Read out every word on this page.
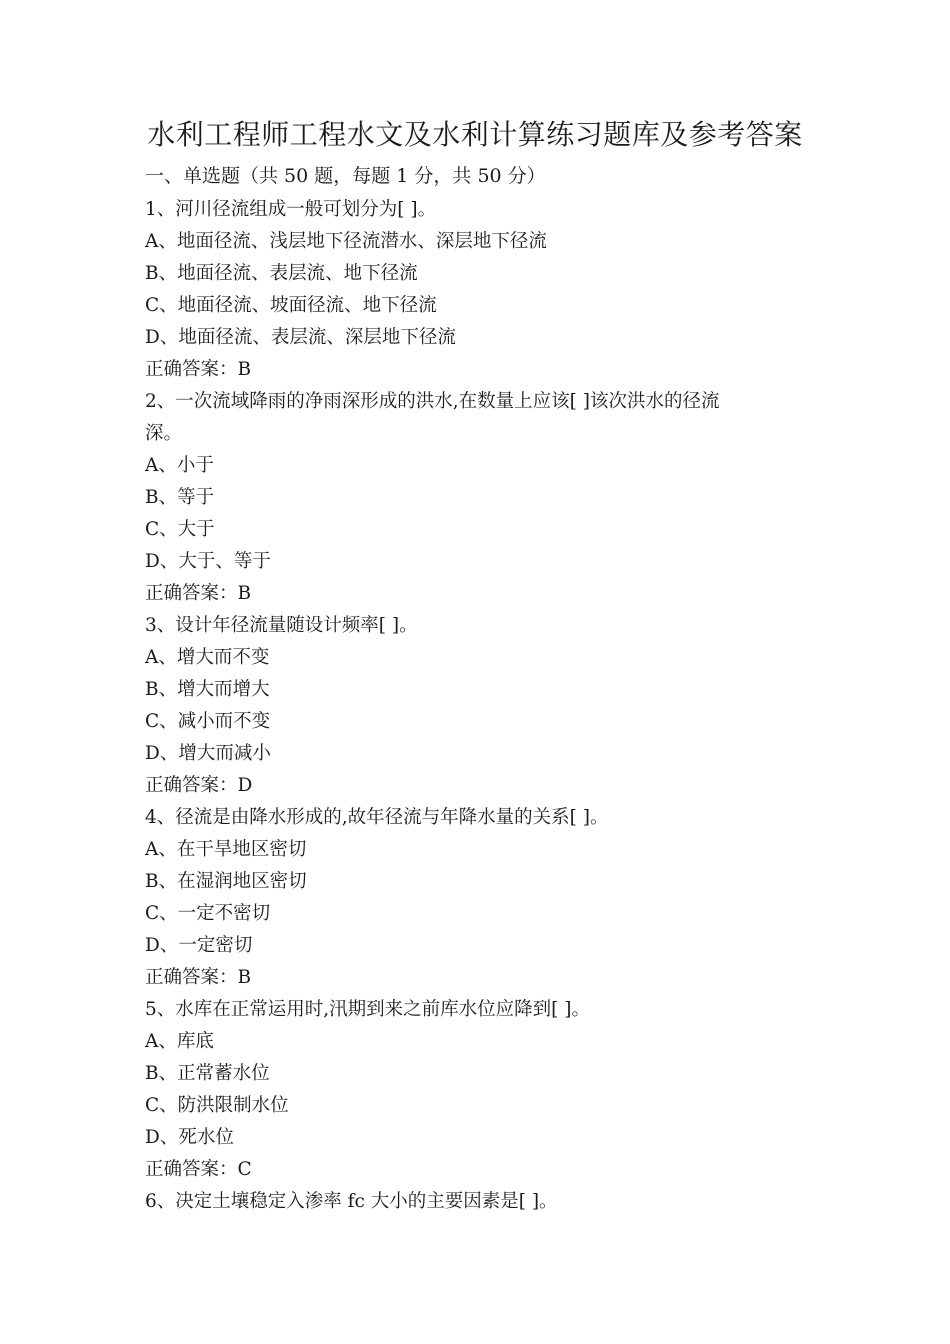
水利工程师工程水文及水利计算练习题库及参考答案
一、单选题（共 50 题，每题 1 分，共 50 分）
1、河川径流组成一般可划分为[ ]。
A、地面径流、浅层地下径流潜水、深层地下径流
B、地面径流、表层流、地下径流
C、地面径流、坡面径流、地下径流
D、地面径流、表层流、深层地下径流
正确答案：B
2、一次流域降雨的净雨深形成的洪水,在数量上应该[ ]该次洪水的径流
深。
A、小于
B、等于
C、大于
D、大于、等于
正确答案：B
3、设计年径流量随设计频率[ ]。
A、增大而不变
B、增大而增大
C、减小而不变
D、增大而减小
正确答案：D
4、径流是由降水形成的,故年径流与年降水量的关系[ ]。
A、在干旱地区密切
B、在湿润地区密切
C、一定不密切
D、一定密切
正确答案：B
5、水库在正常运用时,汛期到来之前库水位应降到[ ]。
A、库底
B、正常蓄水位
C、防洪限制水位
D、死水位
正确答案：C
6、决定土壤稳定入渗率 fc 大小的主要因素是[ ]。
